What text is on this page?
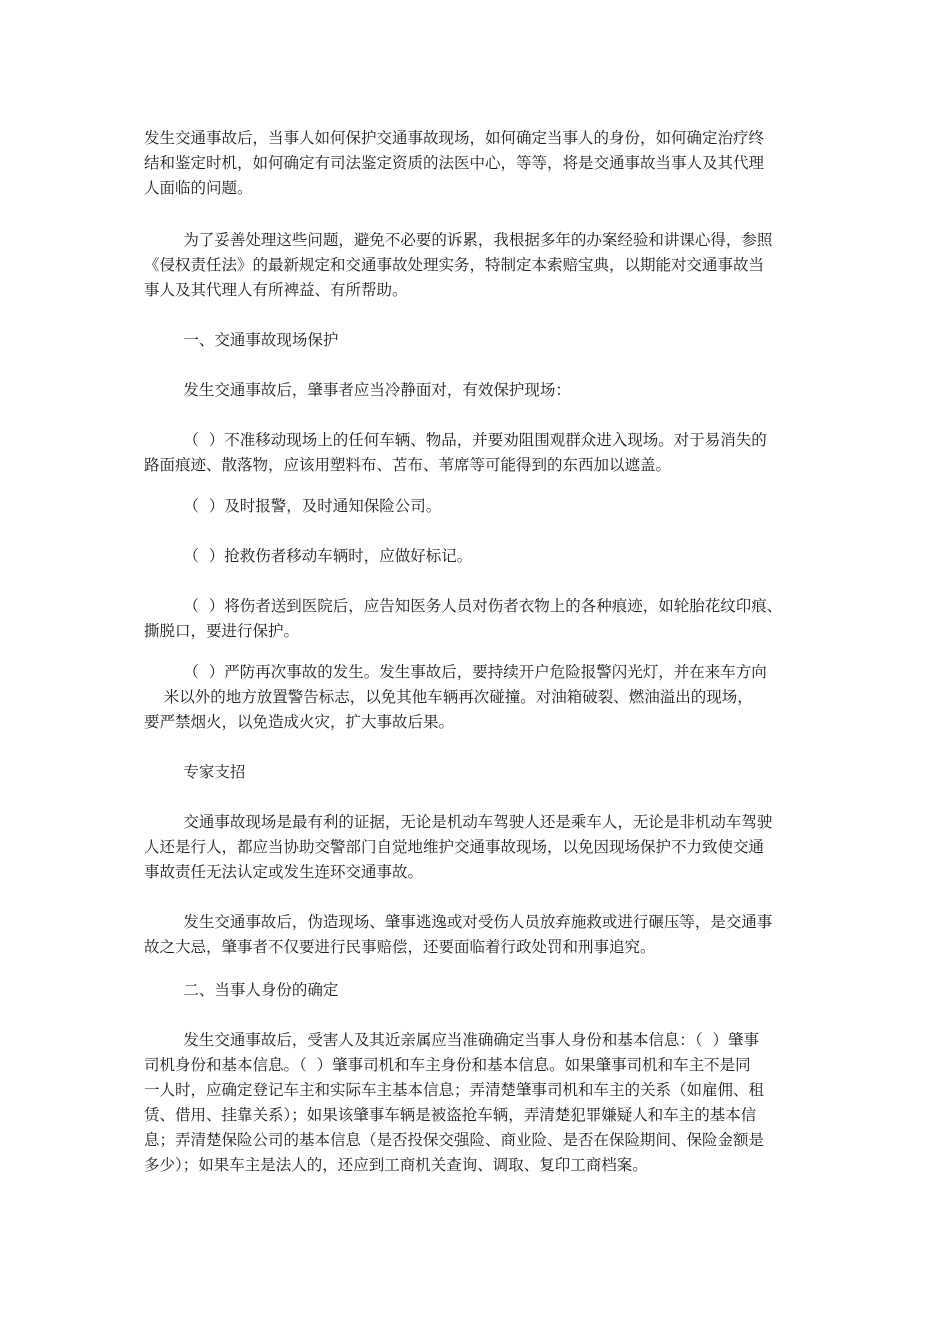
发生交通事故后，当事人如何保护交通事故现场，如何确定当事人的身份，如何确定治疗终
结和鉴定时机，如何确定有司法鉴定资质的法医中心，等等，将是交通事故当事人及其代理
人面临的问题。

为了妥善处理这些问题，避免不必要的诉累，我根据多年的办案经验和讲课心得，参照
《侵权责任法》的最新规定和交通事故处理实务，特制定本索赔宝典，以期能对交通事故当
事人及其代理人有所裨益、有所帮助。

一、交通事故现场保护

发生交通事故后，肇事者应当冷静面对，有效保护现场：

（  ）不准移动现场上的任何车辆、物品，并要劝阻围观群众进入现场。对于易消失的
路面痕迹、散落物，应该用塑料布、苫布、苇席等可能得到的东西加以遮盖。

（  ）及时报警，及时通知保险公司。

（  ）抢救伤者移动车辆时，应做好标记。

（  ）将伤者送到医院后，应告知医务人员对伤者衣物上的各种痕迹，如轮胎花纹印痕、
撕脱口，要进行保护。

（  ）严防再次事故的发生。发生事故后，要持续开户危险报警闪光灯，并在来车方向
米以外的地方放置警告标志，以免其他车辆再次碰撞。对油箱破裂、燃油溢出的现场，
要严禁烟火，以免造成火灾，扩大事故后果。

专家支招

交通事故现场是最有利的证据，无论是机动车驾驶人还是乘车人，无论是非机动车驾驶
人还是行人，都应当协助交警部门自觉地维护交通事故现场，以免因现场保护不力致使交通
事故责任无法认定或发生连环交通事故。

发生交通事故后，伪造现场、肇事逃逸或对受伤人员放弃施救或进行碾压等，是交通事
故之大忌，肇事者不仅要进行民事赔偿，还要面临着行政处罚和刑事追究。

二、当事人身份的确定

发生交通事故后，受害人及其近亲属应当准确确定当事人身份和基本信息：（  ）肇事
司机身份和基本信息。（  ）肇事司机和车主身份和基本信息。如果肇事司机和车主不是同
一人时，应确定登记车主和实际车主基本信息；弄清楚肇事司机和车主的关系（如雇佣、租
赁、借用、挂靠关系）；如果该肇事车辆是被盗抢车辆，弄清楚犯罪嫌疑人和车主的基本信
息；弄清楚保险公司的基本信息（是否投保交强险、商业险、是否在保险期间、保险金额是
多少）；如果车主是法人的，还应到工商机关查询、调取、复印工商档案。
